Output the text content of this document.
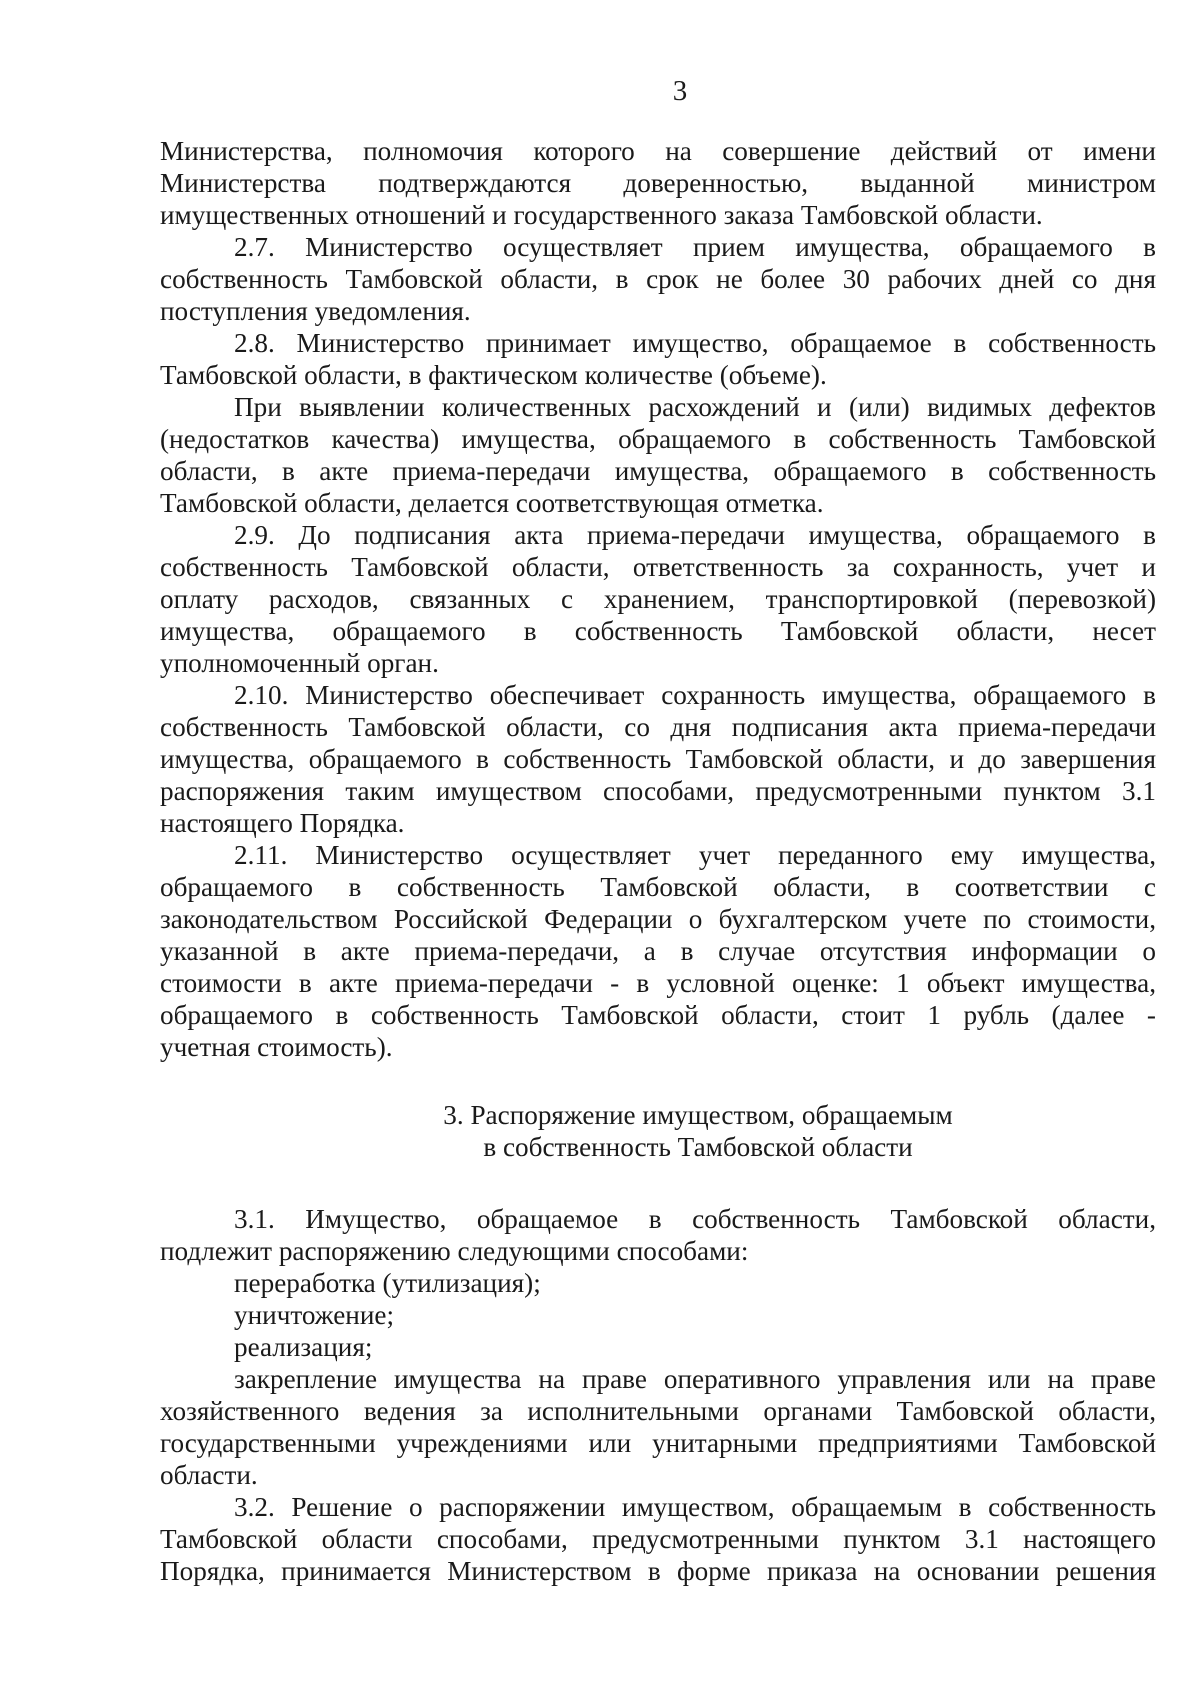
3

Министерства, полномочия которого на совершение действий от имени

Министерства подтверждаются доверенностью, выданной министром

имущественных отношений и государственного заказа Тамбовской области.

2.7. Министерство осуществляет прием имущества, обращаемого в

собственность Тамбовской области, в срок не более 30 рабочих дней со дня

поступления уведомления.

2.8. Министерство принимает имущество, обращаемое в собственность

Тамбовской области, в фактическом количестве (объеме).

При выявлении количественных расхождений и (или) видимых дефектов

(недостатков качества) имущества, обращаемого в собственность Тамбовской

области, в акте приема-передачи имущества, обращаемого в собственность

Тамбовской области, делается соответствующая отметка.

2.9. До подписания акта приема-передачи имущества, обращаемого в

собственность Тамбовской области, ответственность за сохранность, учет и

оплату расходов, связанных с хранением, транспортировкой (перевозкой)

имущества, обращаемого в собственность Тамбовской области, несет

уполномоченный орган.

2.10. Министерство обеспечивает сохранность имущества, обращаемого в

собственность Тамбовской области, со дня подписания акта приема-передачи

имущества, обращаемого в собственность Тамбовской области, и до завершения

распоряжения таким имуществом способами, предусмотренными пунктом 3.1

настоящего Порядка.

2.11. Министерство осуществляет учет переданного ему имущества,

обращаемого в собственность Тамбовской области, в соответствии с

законодательством Российской Федерации о бухгалтерском учете по стоимости,

указанной в акте приема-передачи, а в случае отсутствия информации о

стоимости в акте приема-передачи - в условной оценке: 1 объект имущества,

обращаемого в собственность Тамбовской области, стоит 1 рубль (далее -

учетная стоимость).

3. Распоряжение имуществом, обращаемым

в собственность Тамбовской области

3.1. Имущество, обращаемое в собственность Тамбовской области,

подлежит распоряжению следующими способами:

переработка (утилизация);

уничтожение;

реализация;

закрепление имущества на праве оперативного управления или на праве

хозяйственного ведения за исполнительными органами Тамбовской области,

государственными учреждениями или унитарными предприятиями Тамбовской

области.

3.2. Решение о распоряжении имуществом, обращаемым в собственность

Тамбовской области способами, предусмотренными пунктом 3.1 настоящего

Порядка, принимается Министерством в форме приказа на основании решения
